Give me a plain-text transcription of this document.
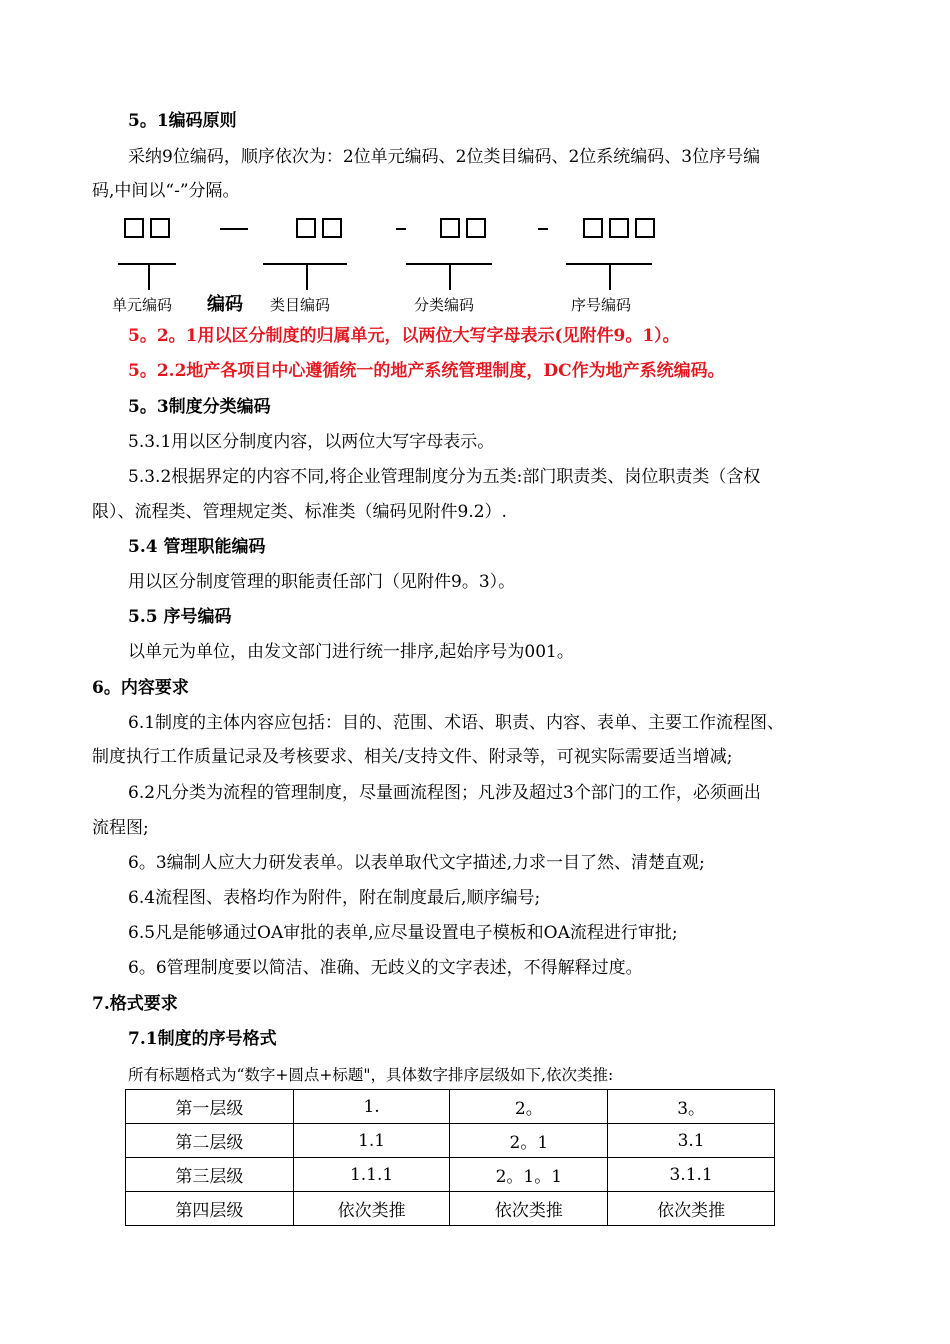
5。1编码原则
采纳9位编码，顺序依次为：2位单元编码、2位类目编码、2位系统编码、3位序号编
码,中间以“-”分隔。
单元编码 编码 类目编码	分类编码	序号编码
5。2。1用以区分制度的归属单元，以两位大写字母表示(见附件9。1）。
5。2.2地产各项目中心遵循统一的地产系统管理制度，DC作为地产系统编码。
5。3制度分类编码
5.3.1用以区分制度内容，以两位大写字母表示。
5.3.2根据界定的内容不同,将企业管理制度分为五类:部门职责类、岗位职责类（含权
限）、流程类、管理规定类、标准类（编码见附件9.2）.
5.4 管理职能编码
用以区分制度管理的职能责任部门（见附件9。3）。
5.5 序号编码
以单元为单位，由发文部门进行统一排序,起始序号为001。
6。内容要求
6.1制度的主体内容应包括：目的、范围、术语、职责、内容、表单、主要工作流程图、
制度执行工作质量记录及考核要求、相关/支持文件、附录等，可视实际需要适当增减;
6.2凡分类为流程的管理制度，尽量画流程图；凡涉及超过3个部门的工作，必须画出
流程图;
6。3编制人应大力研发表单。以表单取代文字描述,力求一目了然、清楚直观;
6.4流程图、表格均作为附件，附在制度最后,顺序编号;
6.5凡是能够通过OA审批的表单,应尽量设置电子模板和OA流程进行审批;
6。6管理制度要以简洁、准确、无歧义的文字表述，不得解释过度。
7.格式要求
7.1制度的序号格式
所有标题格式为“数字+圆点+标题"，具体数字排序层级如下,依次类推:
第一层级	1.	2。	3。
第二层级	1.1	2。1	3.1
第三层级	1.1.1	2。1。1	3.1.1
第四层级	依次类推	依次类推	依次类推
